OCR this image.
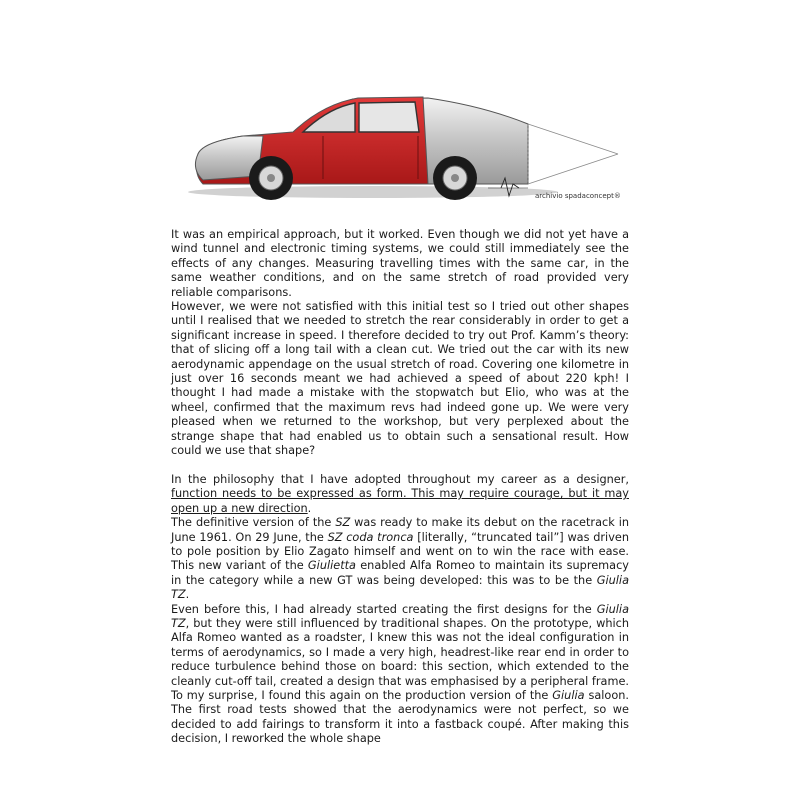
archivio spadaconcept®

It was an empirical approach, but it worked. Even though we did not yet have a wind tunnel and electronic timing systems, we could still immediately see the effects of any changes. Measuring travelling times with the same car, in the same weather conditions, and on the same stretch of road provided very reliable comparisons.

However, we were not satisfied with this initial test so I tried out other shapes until I realised that we needed to stretch the rear considerably in order to get a significant increase in speed. I therefore decided to try out Prof. Kamm’s theory: that of slicing off a long tail with a clean cut. We tried out the car with its new aerodynamic appendage on the usual stretch of road. Covering one kilometre in just over 16 seconds meant we had achieved a speed of about 220 kph! I thought I had made a mistake with the stopwatch but Elio, who was at the wheel, confirmed that the maximum revs had indeed gone up. We were very pleased when we returned to the workshop, but very perplexed about the strange shape that had enabled us to obtain such a sensational result. How could we use that shape?

In the philosophy that I have adopted throughout my career as a designer, function needs to be expressed as form. This may require courage, but it may open up a new direction.

The definitive version of the SZ was ready to make its debut on the racetrack in June 1961. On 29 June, the SZ coda tronca [literally, “truncated tail”] was driven to pole position by Elio Zagato himself and went on to win the race with ease. This new variant of the Giulietta enabled Alfa Romeo to maintain its supremacy in the category while a new GT was being developed: this was to be the Giulia TZ.

Even before this, I had already started creating the first designs for the Giulia TZ, but they were still influenced by traditional shapes. On the prototype, which Alfa Romeo wanted as a roadster, I knew this was not the ideal configuration in terms of aerodynamics, so I made a very high, headrest-like rear end in order to reduce turbulence behind those on board: this section, which extended to the cleanly cut-off tail, created a design that was emphasised by a peripheral frame. To my surprise, I found this again on the production version of the Giulia saloon. The first road tests showed that the aerodynamics were not perfect, so we decided to add fairings to transform it into a fastback coupé. After making this decision, I reworked the whole shape
